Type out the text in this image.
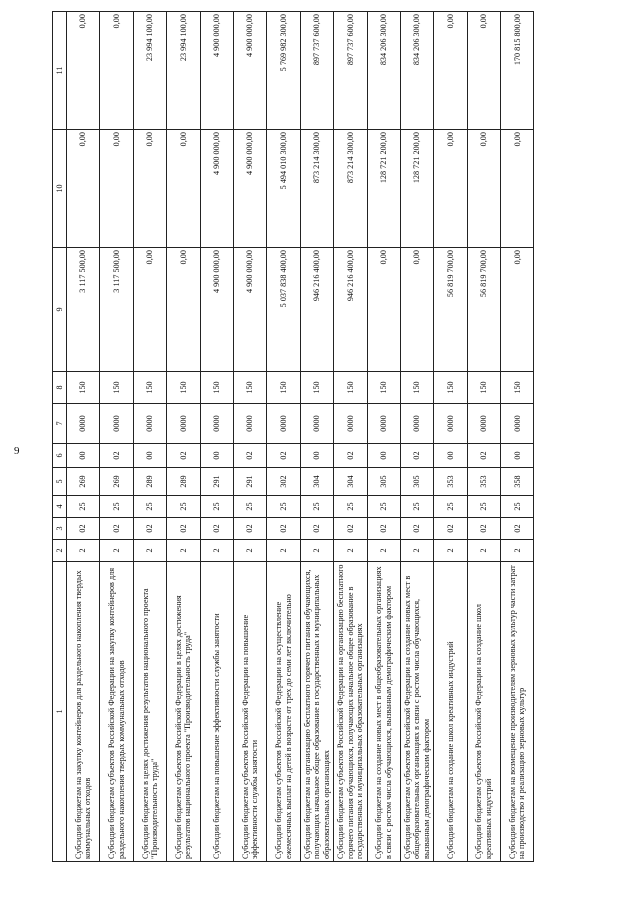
9
1	2	3	4	5	6	7	8	9	10	11
Субсидии бюджетам на закупку контейнеров для раздельного накопления твердых коммунальных отходов	2	02	25	269	00	0000	150	3 117 500,00	0,00	0,00
Субсидии бюджетам субъектов Российской Федерации на закупку контейнеров для раздельного накопления твердых коммунальных отходов	2	02	25	269	02	0000	150	3 117 500,00	0,00	0,00
Субсидии бюджетам в целях достижения результатов национального проекта "Производительность труда"	2	02	25	289	00	0000	150	0,00	0,00	23 994 100,00
Субсидии бюджетам субъектов Российской Федерации в целях достижения результатов национального проекта "Производительность труда"	2	02	25	289	02	0000	150	0,00	0,00	23 994 100,00
Субсидии бюджетам на повышение эффективности службы занятости	2	02	25	291	00	0000	150	4 900 000,00	4 900 000,00	4 900 000,00
Субсидии бюджетам субъектов Российской Федерации на повышение эффективности службы занятости	2	02	25	291	02	0000	150	4 900 000,00	4 900 000,00	4 900 000,00
Субсидии бюджетам субъектов Российской Федерации на осуществление ежемесячных выплат на детей в возрасте от трех до семи лет включительно	2	02	25	302	02	0000	150	5 037 838 400,00	5 494 010 300,00	5 769 982 300,00
Субсидии бюджетам на организацию бесплатного горячего питания обучающихся, получающих начальное общее образование в государственных и муниципальных образовательных организациях	2	02	25	304	00	0000	150	946 216 400,00	873 214 300,00	897 737 600,00
Субсидии бюджетам субъектов Российской Федерации на организацию бесплатного горячего питания обучающихся, получающих начальное общее образование в государственных и муниципальных образовательных организациях	2	02	25	304	02	0000	150	946 216 400,00	873 214 300,00	897 737 600,00
Субсидии бюджетам на создание новых мест в общеобразовательных организациях в связи с ростом числа обучающихся, вызванным демографическим фактором	2	02	25	305	00	0000	150	0,00	128 721 200,00	834 206 300,00
Субсидии бюджетам субъектов Российской Федерации на создание новых мест в общеобразовательных организациях в связи с ростом числа обучающихся, вызванным демографическим фактором	2	02	25	305	02	0000	150	0,00	128 721 200,00	834 206 300,00
Субсидии бюджетам на создание школ креативных индустрий	2	02	25	353	00	0000	150	56 819 700,00	0,00	0,00
Субсидии бюджетам субъектов Российской Федерации на создание школ креативных индустрий	2	02	25	353	02	0000	150	56 819 700,00	0,00	0,00
Субсидии бюджетам на возмещение производителям зерновых культур части затрат на производство и реализацию зерновых культур	2	02	25	358	00	0000	150	0,00	0,00	170 815 800,00
